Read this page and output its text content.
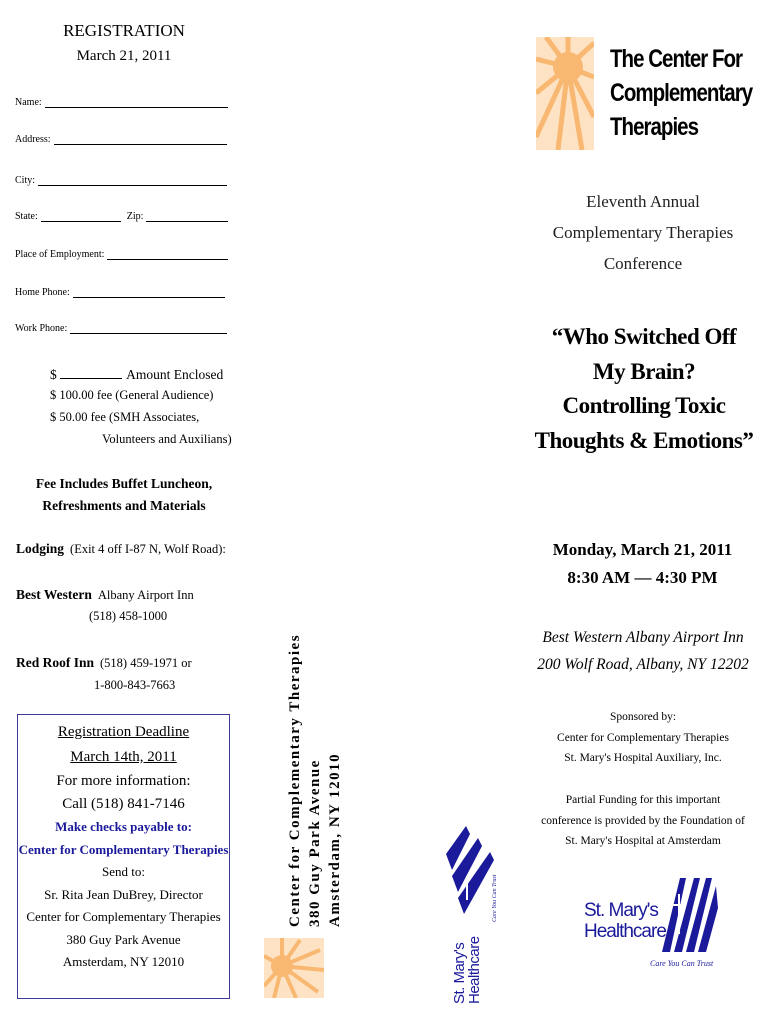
REGISTRATION
March 21, 2011
Name:
Address:
City:
State:	Zip:
Place of Employment:
Home Phone:
Work Phone:
$	Amount Enclosed
$ 100.00 fee (General Audience)
$ 50.00 fee (SMH Associates,
Volunteers and Auxilians)
Fee Includes Buffet Luncheon,
Refreshments and Materials
Lodging (Exit 4 off I-87 N, Wolf Road):
Best Western Albany Airport Inn
(518) 458-1000
Red Roof Inn (518) 459-1971 or
1-800-843-7663
Registration Deadline
March 14th, 2011
For more information:
Call (518) 841-7146
Make checks payable to:
Center for Complementary Therapies
Send to:
Sr. Rita Jean DuBrey, Director
Center for Complementary Therapies
380 Guy Park Avenue
Amsterdam, NY 12010
Center for Complementary Therapies 380 Guy Park Avenue Amsterdam, NY 12010
St. Mary's
Healthcare
Care You Can Trust
The Center For
Complementary
Therapies
Eleventh Annual
Complementary Therapies
Conference
“Who Switched Off
My Brain?
Controlling Toxic
Thoughts & Emotions”
Monday, March 21, 2011
8:30 AM — 4:30 PM
Best Western Albany Airport Inn
200 Wolf Road, Albany, NY 12202
Sponsored by:
Center for Complementary Therapies
St. Mary's Hospital Auxiliary, Inc.
Partial Funding for this important
conference is provided by the Foundation of
St. Mary's Hospital at Amsterdam
St. Mary's
Healthcare
Care You Can Trust
